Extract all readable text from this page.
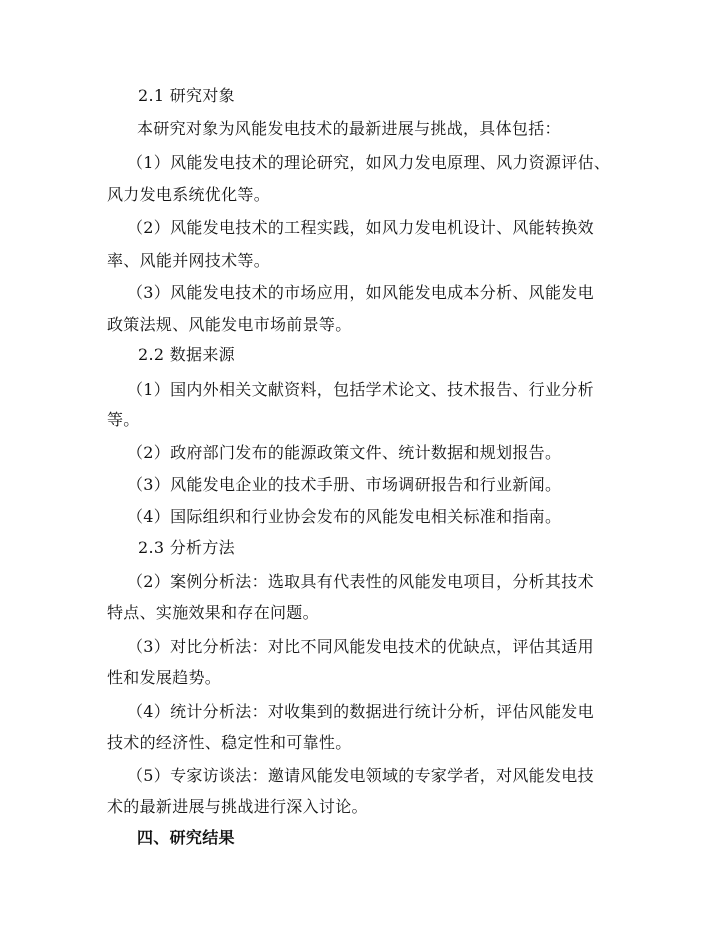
2.1 研究对象
本研究对象为风能发电技术的最新进展与挑战，具体包括：
（1）风能发电技术的理论研究，如风力发电原理、风力资源评估、
风力发电系统优化等。
（2）风能发电技术的工程实践，如风力发电机设计、风能转换效
率、风能并网技术等。
（3）风能发电技术的市场应用，如风能发电成本分析、风能发电
政策法规、风能发电市场前景等。
2.2 数据来源
（1）国内外相关文献资料，包括学术论文、技术报告、行业分析
等。
（2）政府部门发布的能源政策文件、统计数据和规划报告。
（3）风能发电企业的技术手册、市场调研报告和行业新闻。
（4）国际组织和行业协会发布的风能发电相关标准和指南。
2.3 分析方法
（2）案例分析法：选取具有代表性的风能发电项目，分析其技术
特点、实施效果和存在问题。
（3）对比分析法：对比不同风能发电技术的优缺点，评估其适用
性和发展趋势。
（4）统计分析法：对收集到的数据进行统计分析，评估风能发电
技术的经济性、稳定性和可靠性。
（5）专家访谈法：邀请风能发电领域的专家学者，对风能发电技
术的最新进展与挑战进行深入讨论。
四、研究结果
